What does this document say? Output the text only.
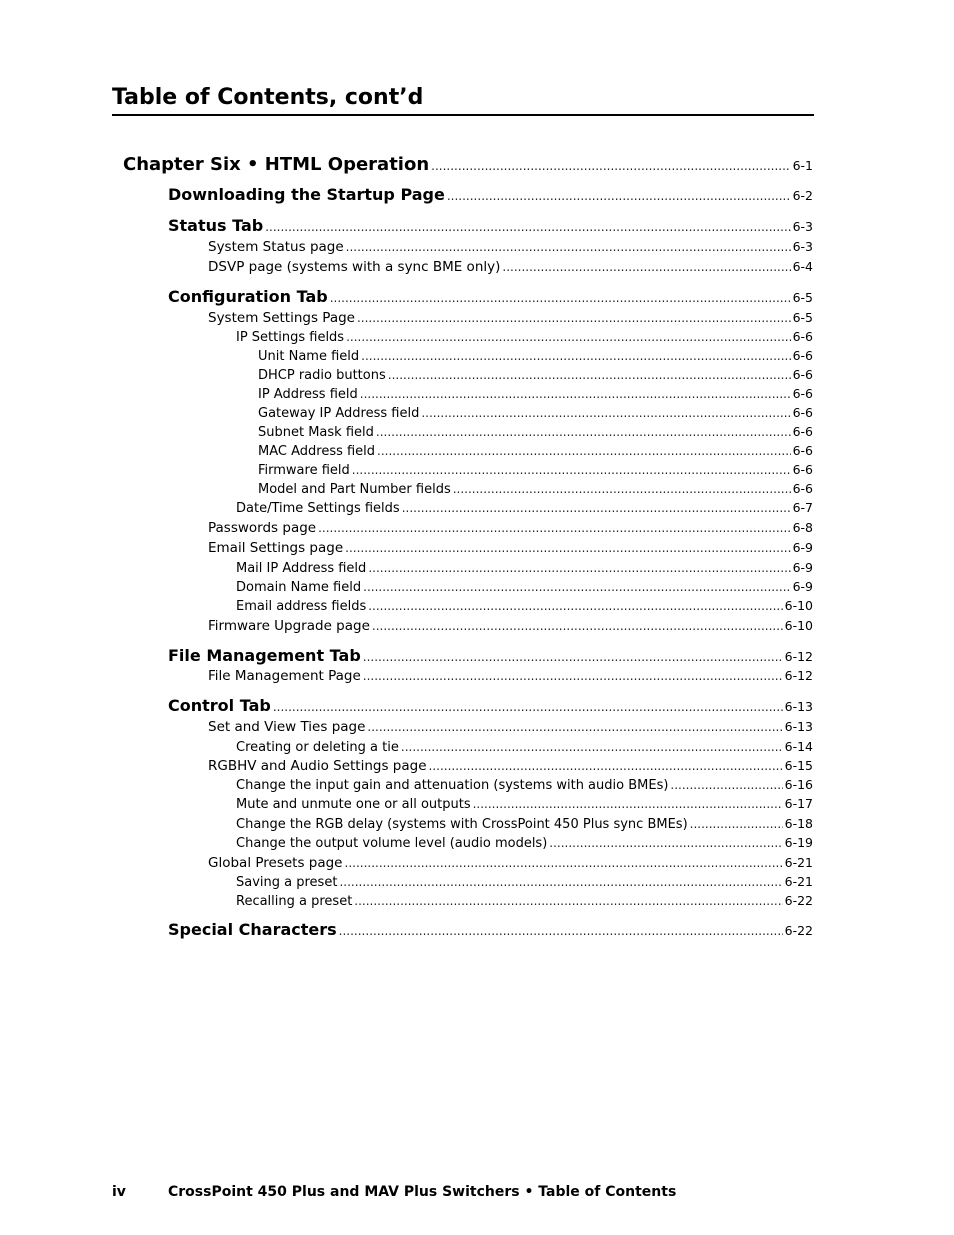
Table of Contents, cont’d
Chapter Six • HTML Operation .....	6-1
Downloading the Startup Page .....	6-2
Status Tab .....	6-3
System Status page .....	6-3
DSVP page (systems with a sync BME only) .....	6-4
Configuration Tab .....	6-5
System Settings Page .....	6-5
IP Settings fields .....	6-6
Unit Name field .....	6-6
DHCP radio buttons .....	6-6
IP Address field .....	6-6
Gateway IP Address field .....	6-6
Subnet Mask field .....	6-6
MAC Address field .....	6-6
Firmware field .....	6-6
Model and Part Number fields .....	6-6
Date/Time Settings fields .....	6-7
Passwords page .....	6-8
Email Settings page .....	6-9
Mail IP Address field .....	6-9
Domain Name field .....	6-9
Email address fields .....	6-10
Firmware Upgrade page .....	6-10
File Management Tab .....	6-12
File Management Page .....	6-12
Control Tab .....	6-13
Set and View Ties page .....	6-13
Creating or deleting a tie .....	6-14
RGBHV and Audio Settings page .....	6-15
Change the input gain and attenuation (systems with audio BMEs) .....	6-16
Mute and unmute one or all outputs .....	6-17
Change the RGB delay (systems with CrossPoint 450 Plus sync BMEs) .....	6-18
Change the output volume level (audio models) .....	6-19
Global Presets page .....	6-21
Saving a preset .....	6-21
Recalling a preset .....	6-22
Special Characters .....	6-22
iv	CrossPoint 450 Plus and MAV Plus Switchers • Table of Contents
